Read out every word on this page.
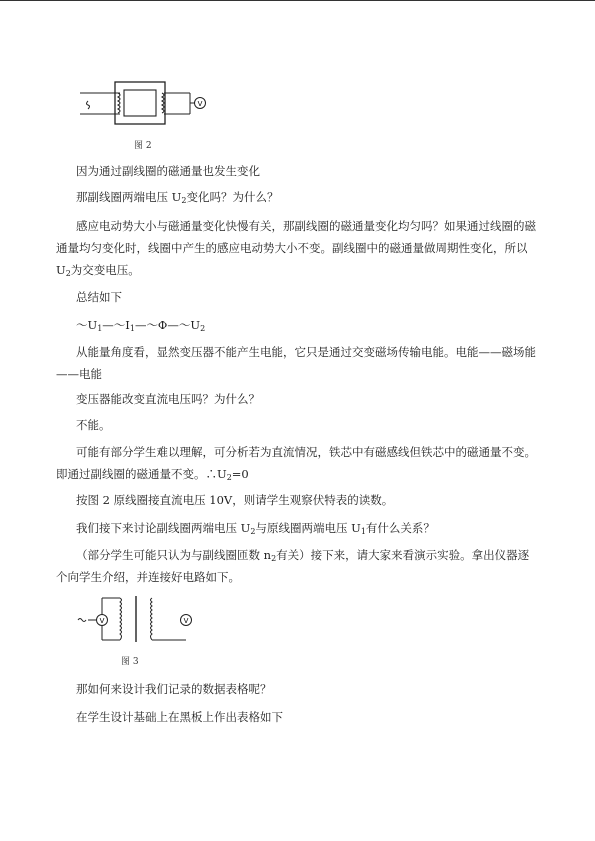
V
图 2

因为通过副线圈的磁通量也发生变化

那副线圈两端电压 $U_2$变化吗？为什么？

感应电动势大小与磁通量变化快慢有关，那副线圈的磁通量变化均匀吗？如果通过线圈的磁通量均匀变化时，线圈中产生的感应电动势大小不变。副线圈中的磁通量做周期性变化，所以 $U_2$为交变电压。

总结如下

$\sim U_1—\sim I_1—\sim\Phi—\sim U_2$

从能量角度看，显然变压器不能产生电能，它只是通过交变磁场传输电能。电能——磁场能——电能

变压器能改变直流电压吗？为什么？

不能。

可能有部分学生难以理解，可分析若为直流情况，铁芯中有磁感线但铁芯中的磁通量不变。即通过副线圈的磁通量不变。$\therefore U_2=0$

按图 2 原线圈接直流电压 10V，则请学生观察伏特表的读数。

我们接下来讨论副线圈两端电压 $U_2$与原线圈两端电压 $U_1$有什么关系？

（部分学生可能只认为与副线圈匝数 $n_2$有关）接下来，请大家来看演示实验。拿出仪器逐个向学生介绍，并连接好电路如下。

V	V
图 3

那如何来设计我们记录的数据表格呢？

在学生设计基础上在黑板上作出表格如下
